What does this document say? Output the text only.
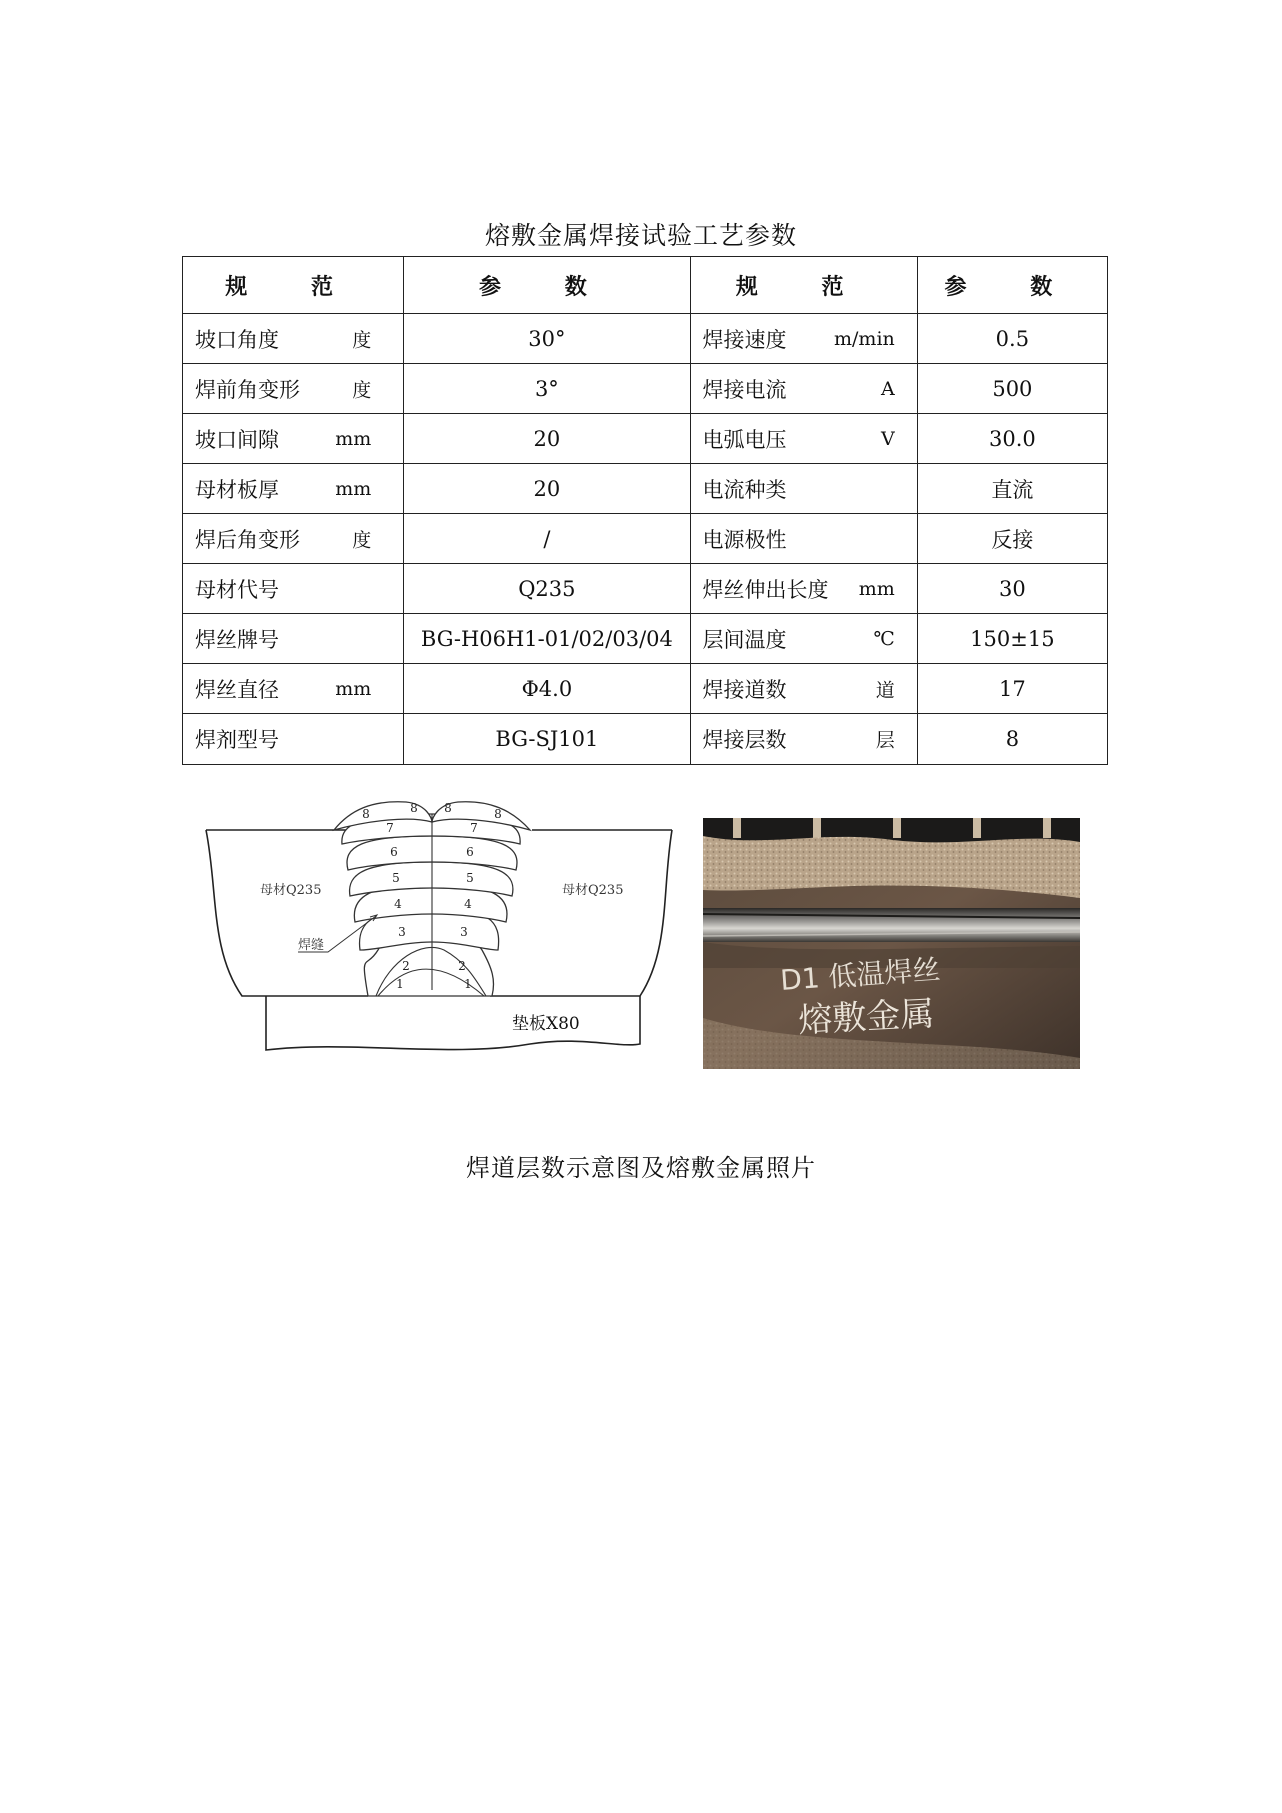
熔敷金属焊接试验工艺参数
规 范	参 数	规 范	参 数

坡口角度 度	30°	焊接速度 m/min	0.5

焊前角变形 度	3°	焊接电流 A	500

坡口间隙 mm	20	电弧电压 V	30.0

母材板厚 mm	20	电流种类	直流

焊后角变形 度	/	电源极性	反接

母材代号	Q235	焊丝伸出长度 mm	30

焊丝牌号	BG-H06H1-01/02/03/04	层间温度 ℃	150±15

焊丝直径 mm	Φ4.0	焊接道数 道	17

焊剂型号	BG-SJ101	焊接层数 层	8
1	1
2	2
3	3
4	4
5	5
6	6
7	7
8	8 8	8
母材Q235	母材Q235
焊缝
垫板X80
D1 低温焊丝
熔敷金属
焊道层数示意图及熔敷金属照片
